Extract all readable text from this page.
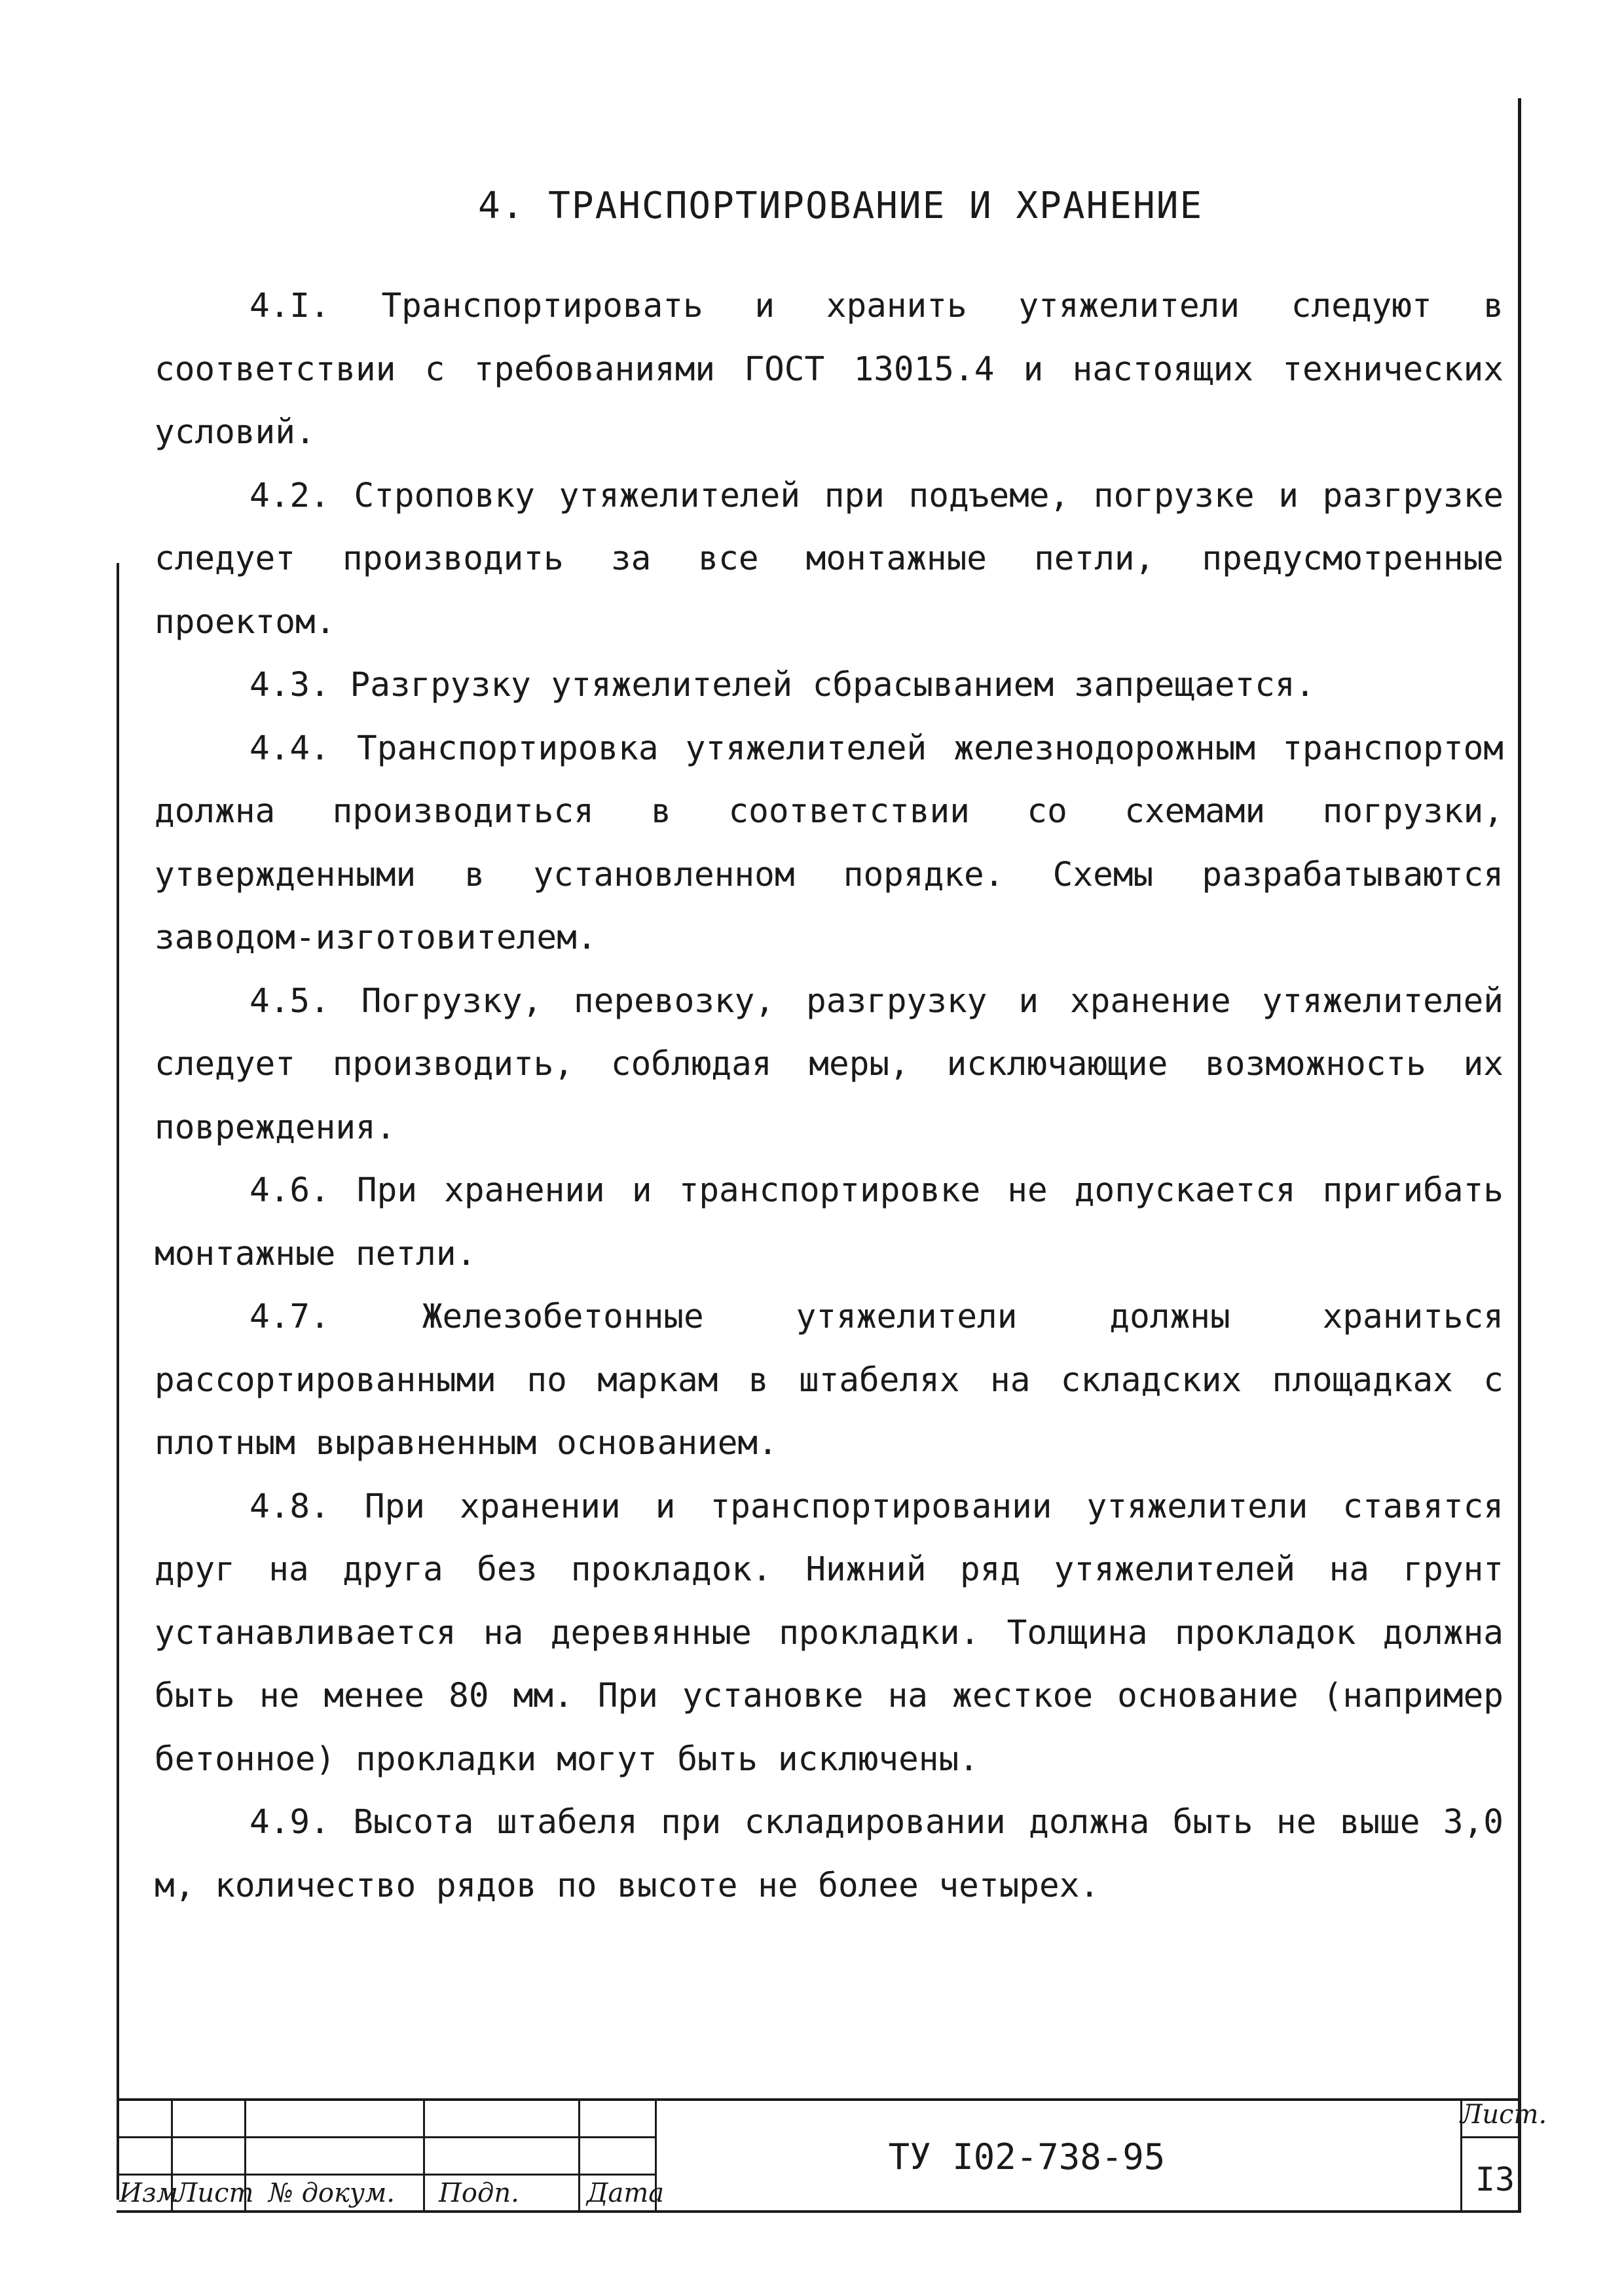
4. ТРАНСПОРТИРОВАНИЕ И ХРАНЕНИЕ

4.I. Транспортировать и хранить утяжелители следуют в соответствии с требованиями ГОСТ 13015.4 и настоящих технических условий.

4.2. Строповку утяжелителей при подъеме, погрузке и разгрузке следует производить за все монтажные петли, предусмотренные проектом.

4.3. Разгрузку утяжелителей сбрасыванием запрещается.

4.4. Транспортировка утяжелителей железнодорожным транспортом должна производиться в соответствии со схемами погрузки, утвержденными в установленном порядке. Схемы разрабатываются заводом-изготовителем.

4.5. Погрузку, перевозку, разгрузку и хранение утяжелителей следует производить, соблюдая меры, исключающие возможность их повреждения.

4.6. При хранении и транспортировке не допускается пригибать монтажные петли.

4.7. Железобетонные утяжелители должны храниться рассортированными по маркам в штабелях на складских площадках с плотным выравненным основанием.

4.8. При хранении и транспортировании утяжелители ставятся друг на друга без прокладок. Нижний ряд утяжелителей на грунт устанавливается на деревянные прокладки. Толщина прокладок должна быть не менее 80 мм. При установке на жесткое основание (например бетонное) прокладки могут быть исключены.

4.9. Высота штабеля при складировании должна быть не выше 3,0 м, количество рядов по высоте не более четырех.

Изм
Лист № докум. Подп.	Дата
ТУ I02-738-95
Лист.
I3
